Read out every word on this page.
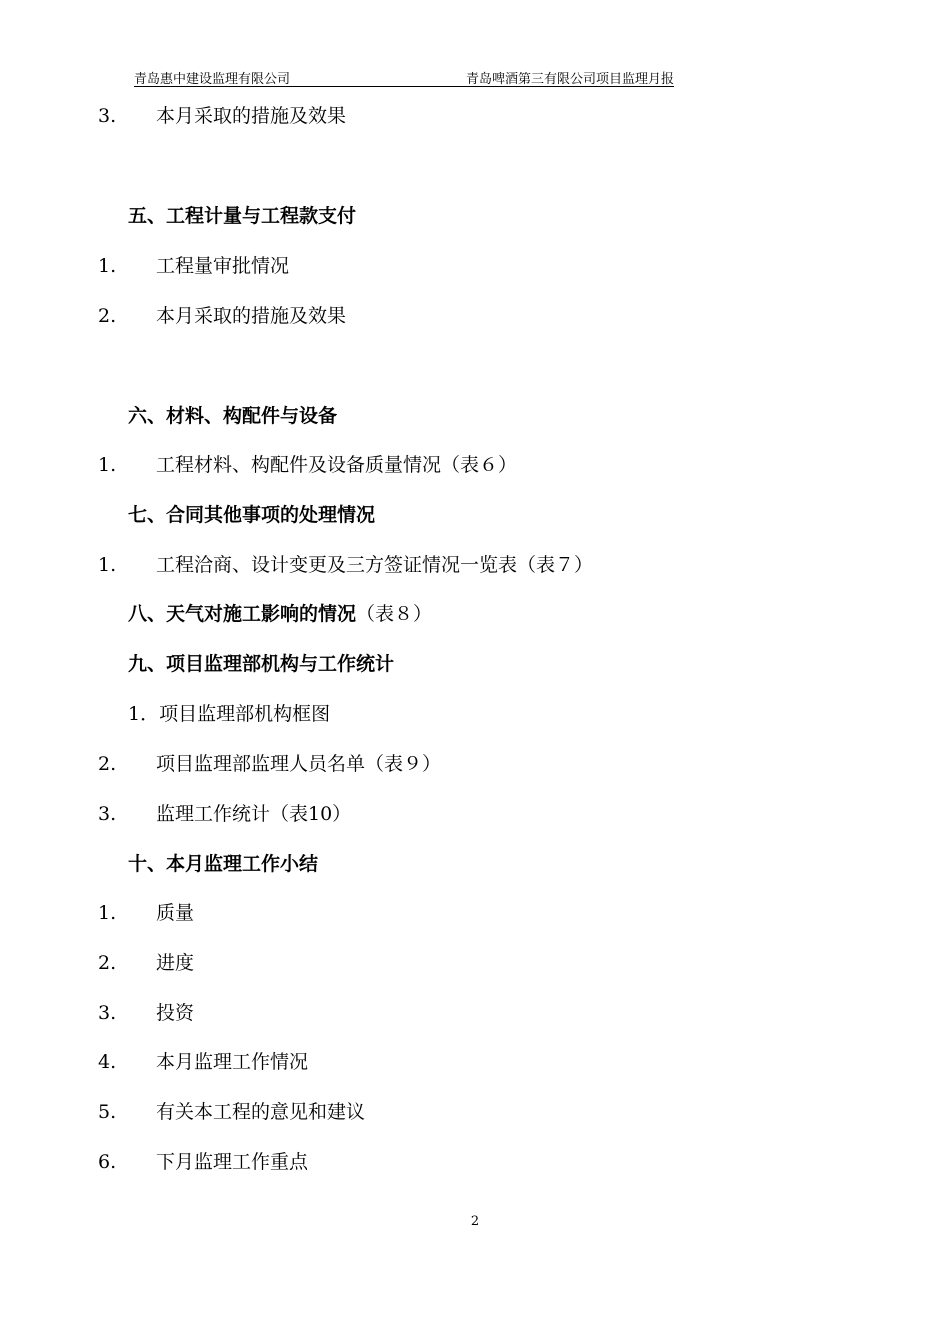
青岛惠中建设监理有限公司	青岛啤酒第三有限公司项目监理月报
3. 本月采取的措施及效果
五、工程计量与工程款支付
1. 工程量审批情况
2. 本月采取的措施及效果
六、材料、构配件与设备
1. 工程材料、构配件及设备质量情况（表６）
七、合同其他事项的处理情况
1. 工程洽商、设计变更及三方签证情况一览表（表７）
八、天气对施工影响的情况（表８）
九、项目监理部机构与工作统计
1．项目监理部机构框图
2. 项目监理部监理人员名单（表９）
3. 监理工作统计（表10）
十、本月监理工作小结
1. 质量
2. 进度
3. 投资
4. 本月监理工作情况
5. 有关本工程的意见和建议
6. 下月监理工作重点
2
